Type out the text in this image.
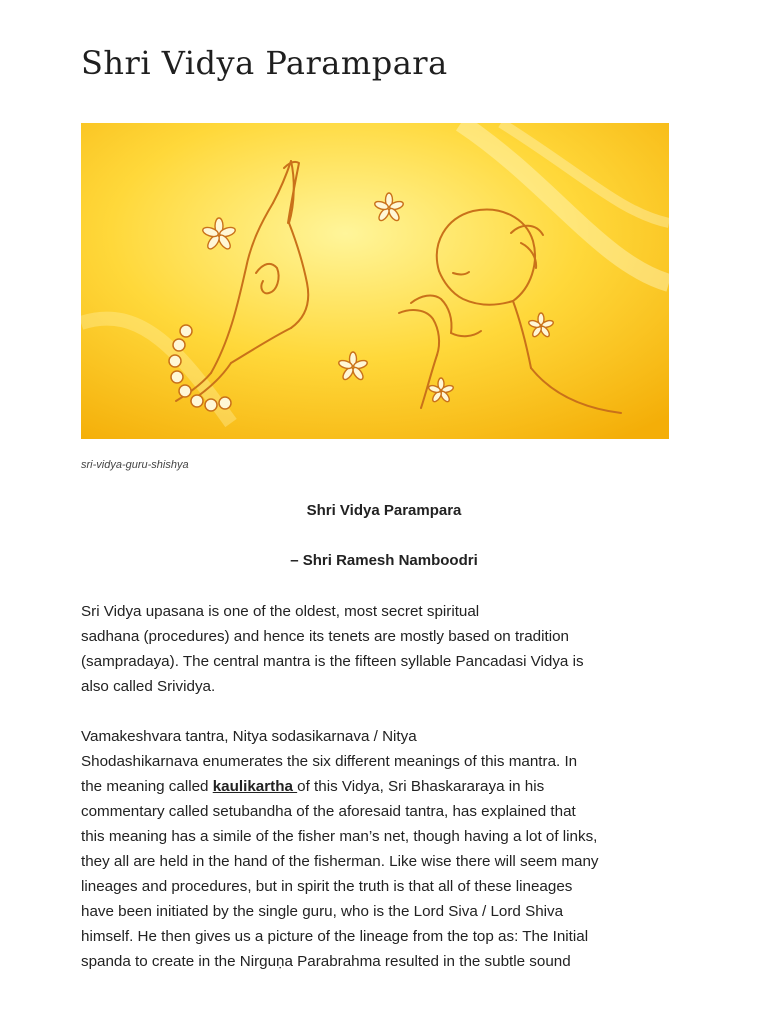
Shri Vidya Parampara
sri-vidya-guru-shishya
Shri Vidya Parampara
– Shri Ramesh Namboodri
Sri Vidya upasana is one of the oldest, most secret spiritual
sadhana (procedures) and hence its tenets are mostly based on tradition
(sampradaya). The central mantra is the fifteen syllable Pancadasi Vidya is
also called Srividya.
Vamakeshvara tantra, Nitya sodasikarnava / Nitya
Shodashikarnava enumerates the six different meanings of this mantra. In
the meaning called kaulikartha of this Vidya, Sri Bhaskararaya in his
commentary called setubandha of the aforesaid tantra, has explained that
this meaning has a simile of the fisher man’s net, though having a lot of links,
they all are held in the hand of the fisherman. Like wise there will seem many
lineages and procedures, but in spirit the truth is that all of these lineages
have been initiated by the single guru, who is the Lord Siva / Lord Shiva
himself. He then gives us a picture of the lineage from the top as: The Initial
spanda to create in the Nirguṇa Parabrahma resulted in the subtle sound
